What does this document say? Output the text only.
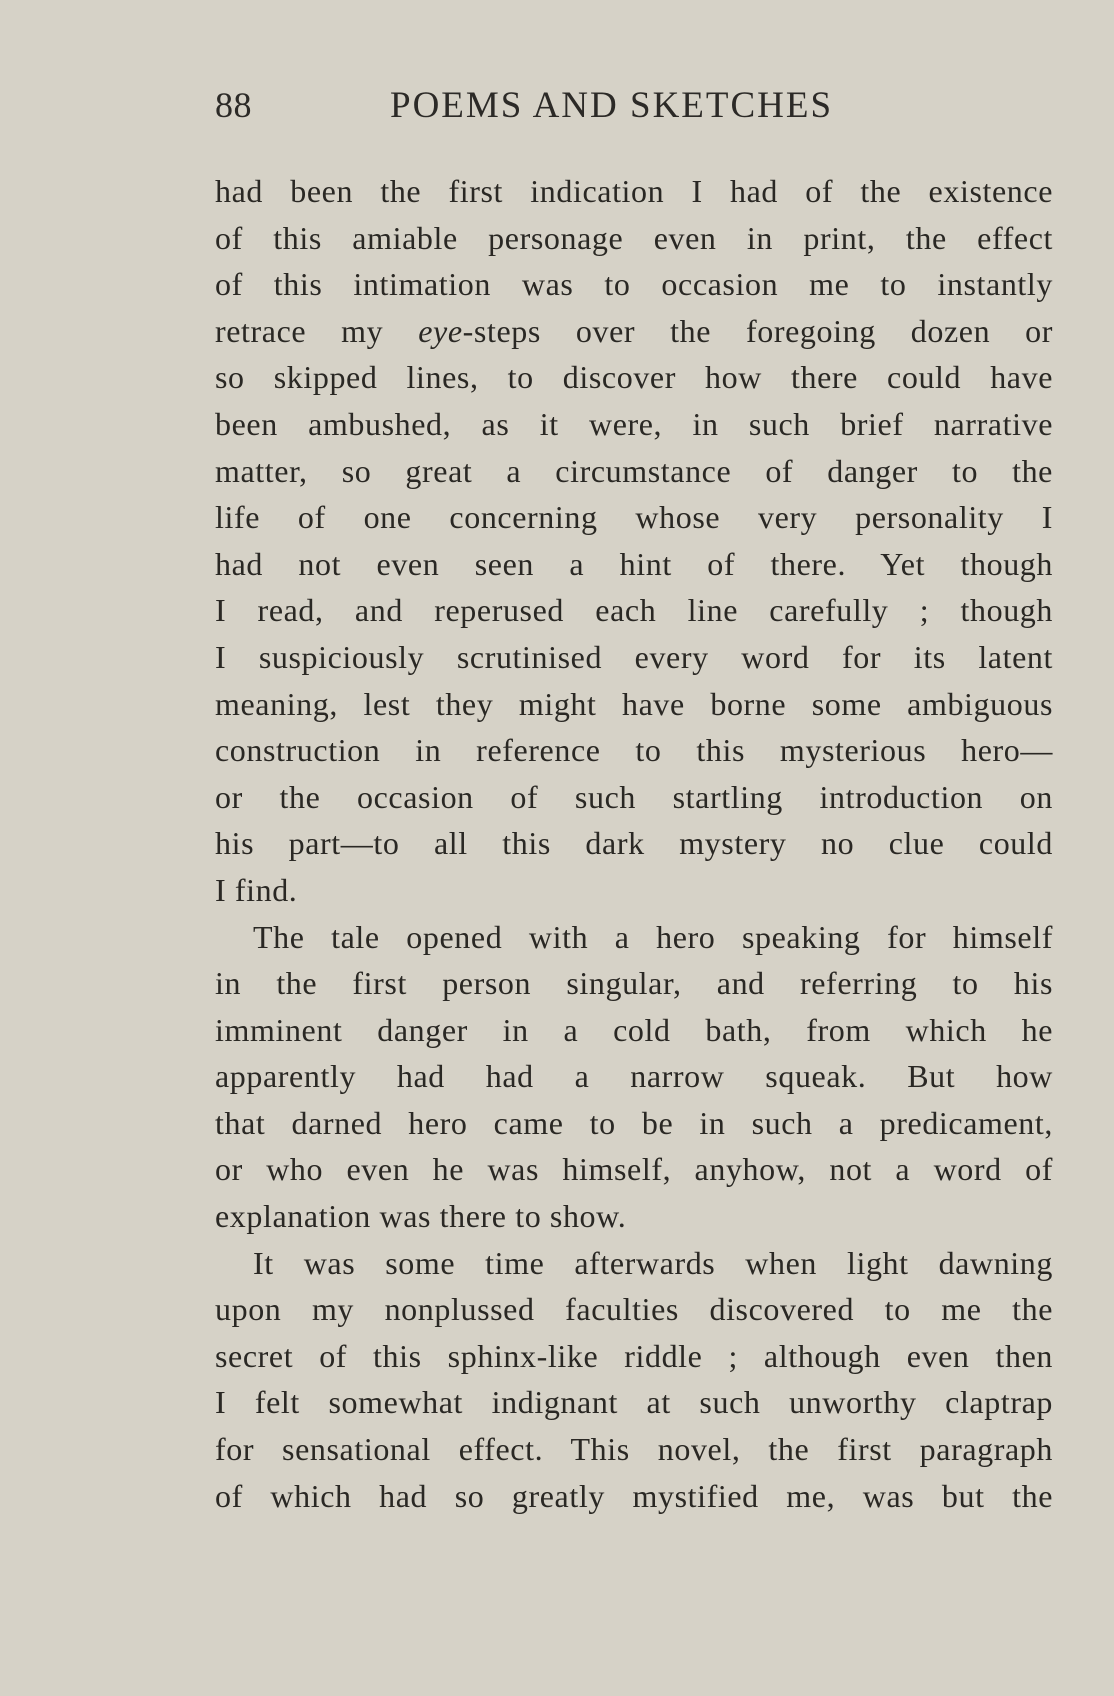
88	POEMS AND SKETCHES
had been the first indication I had of the existence
of this amiable personage even in print, the effect
of this intimation was to occasion me to instantly
retrace my eye-steps over the foregoing dozen or
so skipped lines, to discover how there could have
been ambushed, as it were, in such brief narrative
matter, so great a circumstance of danger to the
life of one concerning whose very personality I
had not even seen a hint of there. Yet though
I read, and reperused each line carefully ; though
I suspiciously scrutinised every word for its latent
meaning, lest they might have borne some ambiguous
construction in reference to this mysterious hero—
or the occasion of such startling introduction on
his part—to all this dark mystery no clue could
I find.
The tale opened with a hero speaking for himself
in the first person singular, and referring to his
imminent danger in a cold bath, from which he
apparently had had a narrow squeak. But how
that darned hero came to be in such a predicament,
or who even he was himself, anyhow, not a word of
explanation was there to show.
It was some time afterwards when light dawning
upon my nonplussed faculties discovered to me the
secret of this sphinx-like riddle ; although even then
I felt somewhat indignant at such unworthy claptrap
for sensational effect. This novel, the first paragraph
of which had so greatly mystified me, was but the
